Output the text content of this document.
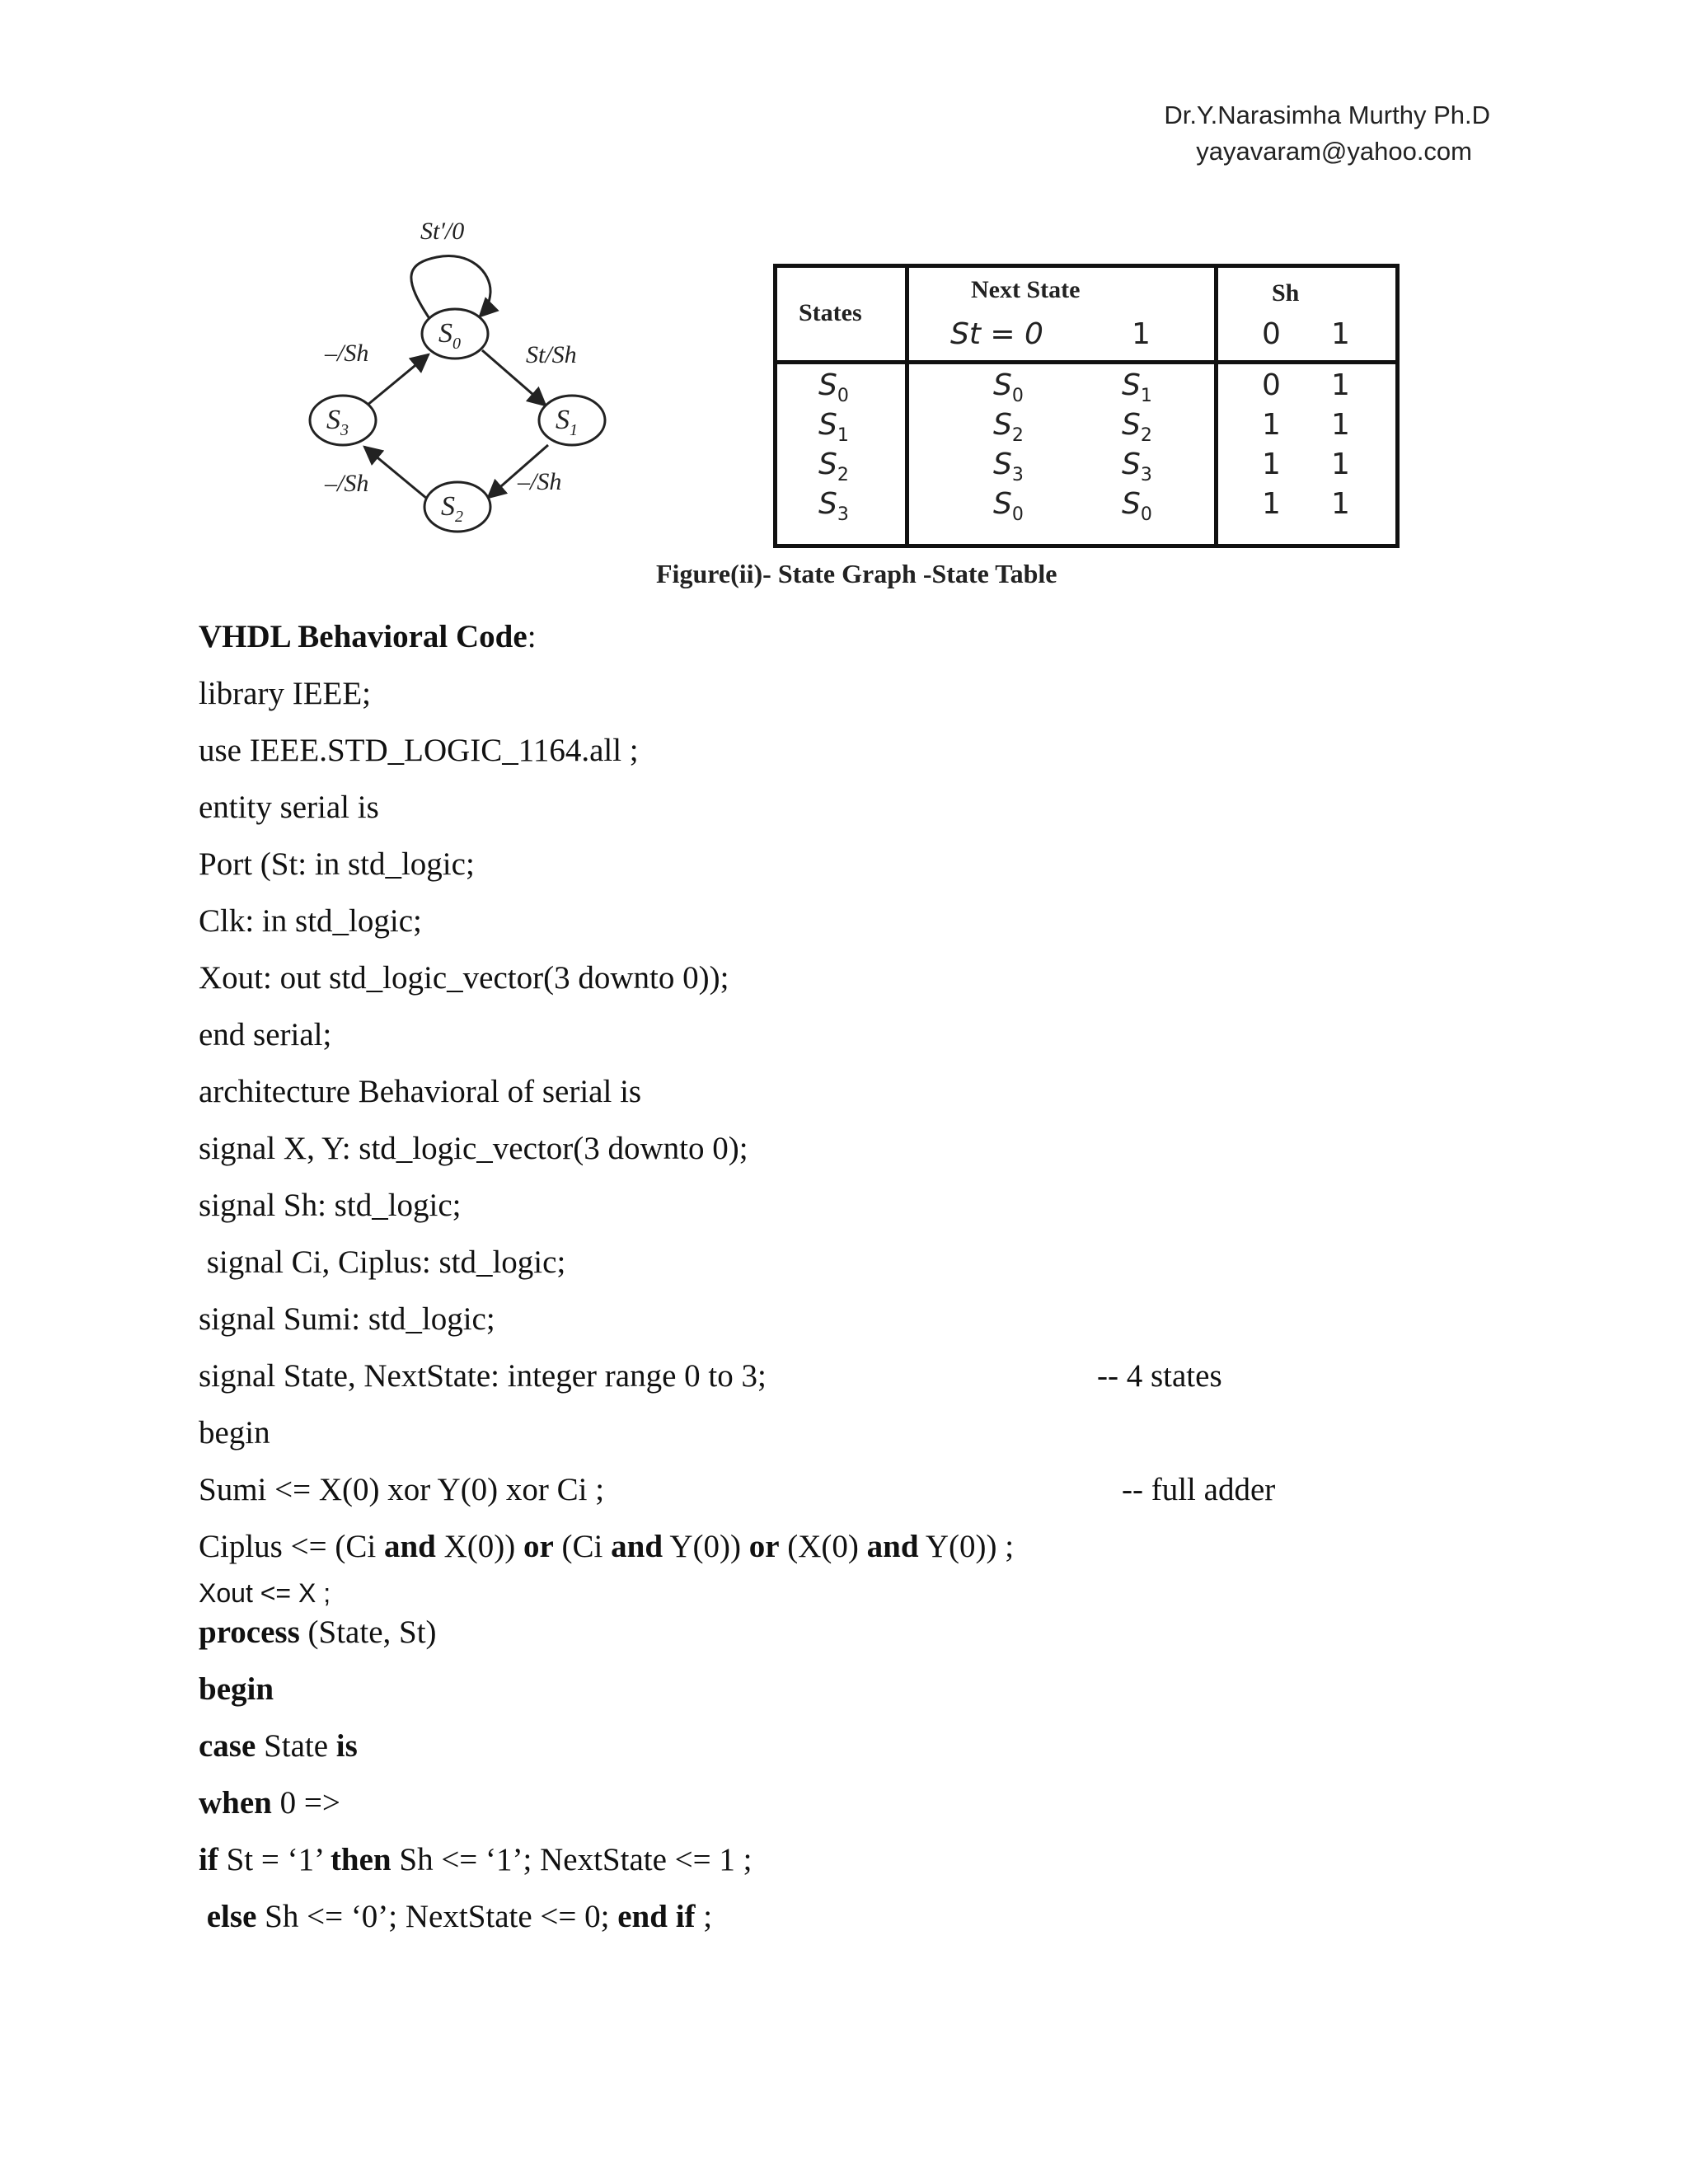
Dr.Y.Narasimha Murthy Ph.D
yayavaram@yahoo.com
$S_0$
$S_1$
$S_2$
$S_3$
St′/0
St/Sh
–/Sh
–/Sh
–/Sh
States
Next State	Sh
St = 0	1	0 1
$S_0$	$S_0$	$S_1$	0 1
$S_1$	$S_2$	$S_2$	1 1
$S_2$	$S_3$	$S_3$	1 1
$S_3$	$S_0$	$S_0$	1 1
Figure(ii)- State Graph -State Table
VHDL Behavioral Code:
library IEEE;
use IEEE.STD_LOGIC_1164.all ;
entity serial is
Port (St: in std_logic;
Clk: in std_logic;
Xout: out std_logic_vector(3 downto 0));
end serial;
architecture Behavioral of serial is
signal X, Y: std_logic_vector(3 downto 0);
signal Sh: std_logic;
signal Ci, Ciplus: std_logic;
signal Sumi: std_logic;
signal State, NextState: integer range 0 to 3;	-- 4 states
begin
Sumi <= X(0) xor Y(0) xor Ci ;	-- full adder
Ciplus <= (Ci and X(0)) or (Ci and Y(0)) or (X(0) and Y(0)) ;
Xout <= X ;
process (State, St)
begin
case State is
when 0 =>
if St = ‘1’ then Sh <= ‘1’; NextState <= 1 ;
else Sh <= ‘0’; NextState <= 0; end if ;
